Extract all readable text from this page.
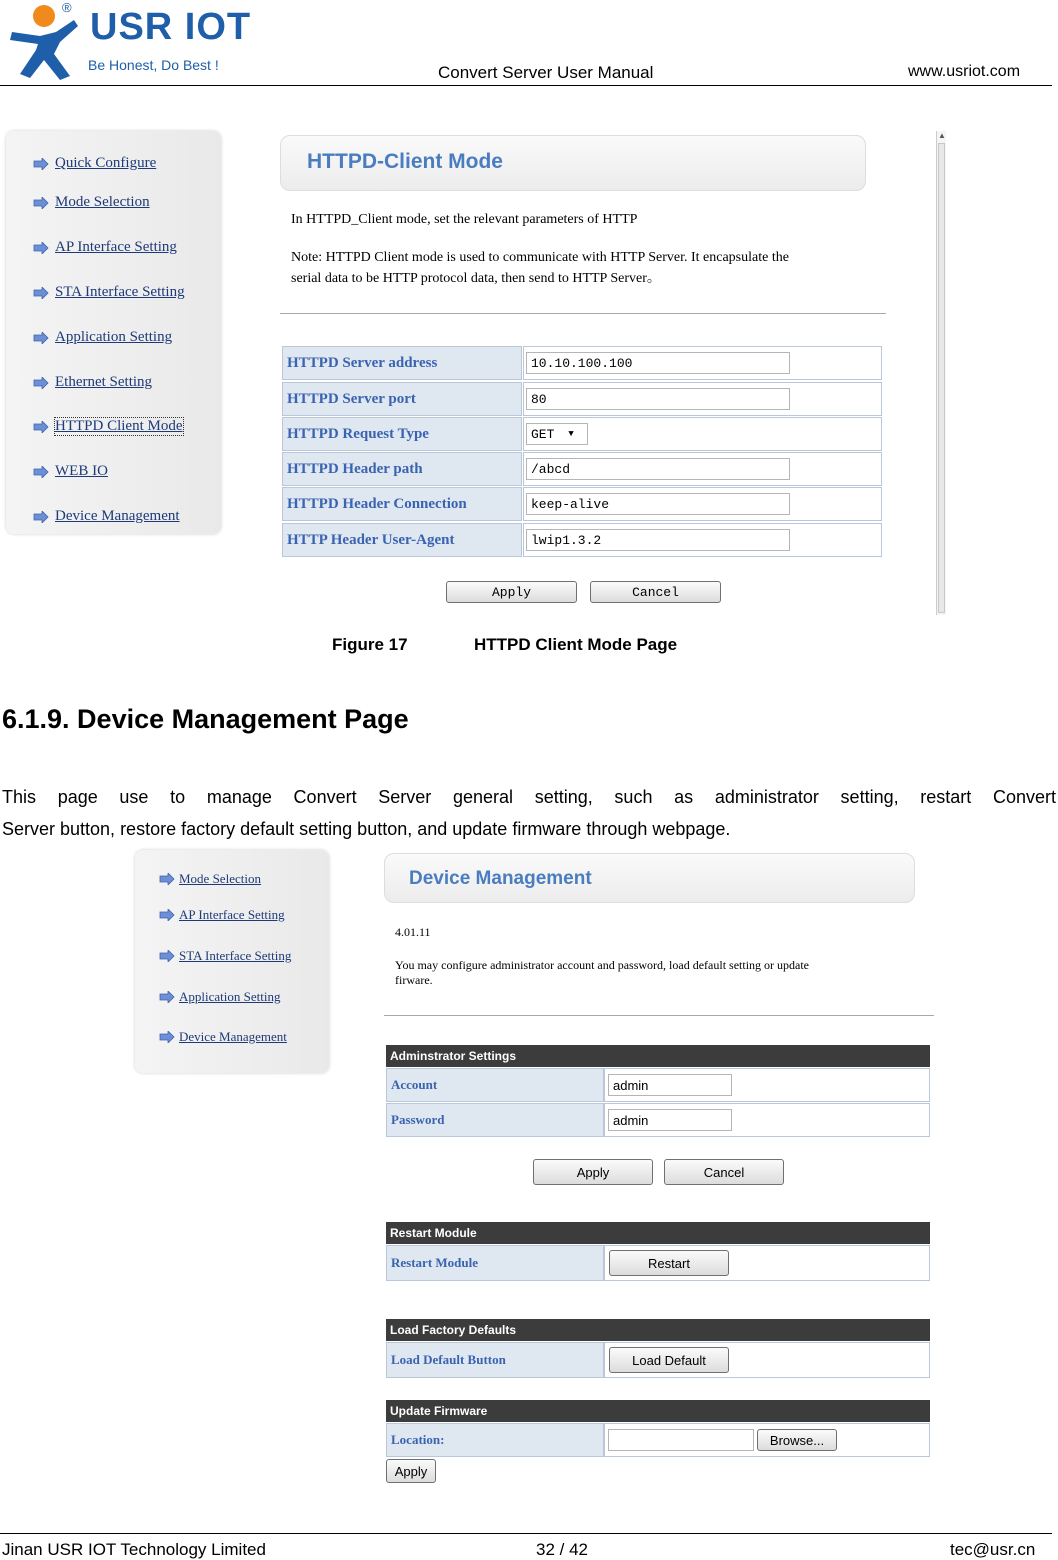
USR IOT
®
Be Honest, Do Best !	Convert Server User Manual	www.usriot.com
Quick Configure
Mode Selection
AP Interface Setting
STA Interface Setting
Application Setting
Ethernet Setting
HTTPD Client Mode
WEB IO
Device Management
HTTPD-Client Mode
In HTTPD_Client mode, set the relevant parameters of HTTP
Note: HTTPD Client mode is used to communicate with HTTP Server. It encapsulate the
serial data to be HTTP protocol data, then send to HTTP Server。
HTTPD Server address	10.10.100.100
HTTPD Server port	80
HTTPD Request Type	GET ▼
HTTPD Header path	/abcd
HTTPD Header Connection	keep-alive
HTTP Header User-Agent	lwip1.3.2
Apply	Cancel
▲
Figure 17	HTTPD Client Mode Page
6.1.9. Device Management Page
This page use to manage Convert Server general setting, such as administrator setting, restart Convert
Server button, restore factory default setting button, and update firmware through webpage.
Mode Selection
AP Interface Setting
STA Interface Setting
Application Setting
Device Management
Device Management
4.01.11
You may configure administrator account and password, load default setting or update
firware.
Adminstrator Settings
Account	admin
Password	admin
Apply	Cancel
Restart Module
Restart Module	Restart
Load Factory Defaults
Load Default Button	Load Default
Update Firmware
Location:	Browse...
Apply
Jinan USR IOT Technology Limited	32 / 42	tec@usr.cn
